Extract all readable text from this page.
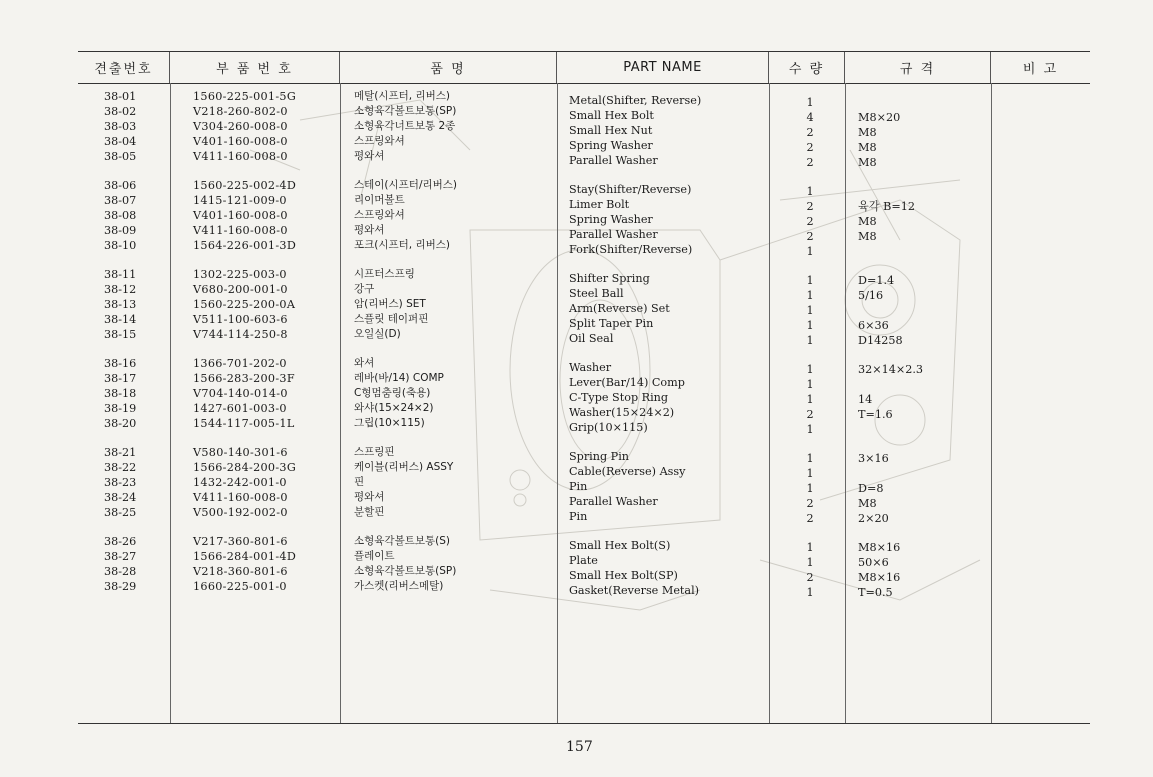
견출번호	부 품 번 호	품 명	PART NAME	수 량	규 격	비 고
38-01	1560-225-001-5G	메탈(시프터, 리버스)	Metal(Shifter, Reverse)	1
38-02	V218-260-802-0	소형육각볼트보통(SP)	Small Hex Bolt	4	M8×20
38-03	V304-260-008-0	소형육각너트보통 2종	Small Hex Nut	2	M8
38-04	V401-160-008-0	스프링와셔	Spring Washer	2	M8
38-05	V411-160-008-0	평와셔	Parallel Washer	2	M8
38-06	1560-225-002-4D	스테이(시프터/리버스)	Stay(Shifter/Reverse)	1
38-07	1415-121-009-0	리이머볼트	Limer Bolt	2	육각 B=12
38-08	V401-160-008-0	스프링와셔	Spring Washer	2	M8
38-09	V411-160-008-0	평와셔	Parallel Washer	2	M8
38-10	1564-226-001-3D	포크(시프터, 리버스)	Fork(Shifter/Reverse)	1
38-11	1302-225-003-0	시프터스프링	Shifter Spring	1	D=1.4
38-12	V680-200-001-0	강구	Steel Ball	1	5/16
38-13	1560-225-200-0A	암(리버스) SET	Arm(Reverse) Set	1
38-14	V511-100-603-6	스플릿 테이퍼핀	Split Taper Pin	1	6×36
38-15	V744-114-250-8	오일실(D)	Oil Seal	1	D14258
38-16	1366-701-202-0	와셔	Washer	1	32×14×2.3
38-17	1566-283-200-3F	레바(바/14) COMP	Lever(Bar/14) Comp	1
38-18	V704-140-014-0	C형멈춤링(축용)	C-Type Stop Ring	1	14
38-19	1427-601-003-0	와샤(15×24×2)	Washer(15×24×2)	2	T=1.6
38-20	1544-117-005-1L	그립(10×115)	Grip(10×115)	1
38-21	V580-140-301-6	스프링핀	Spring Pin	1	3×16
38-22	1566-284-200-3G	케이블(리버스) ASSY	Cable(Reverse) Assy	1
38-23	1432-242-001-0	핀	Pin	1	D=8
38-24	V411-160-008-0	평와셔	Parallel Washer	2	M8
38-25	V500-192-002-0	분할핀	Pin	2	2×20
38-26	V217-360-801-6	소형육각볼트보통(S)	Small Hex Bolt(S)	1	M8×16
38-27	1566-284-001-4D	플레이트	Plate	1	50×6
38-28	V218-360-801-6	소형육각볼트보통(SP)	Small Hex Bolt(SP)	2	M8×16
38-29	1660-225-001-0	가스켓(리버스메탈)	Gasket(Reverse Metal)	1	T=0.5
157
